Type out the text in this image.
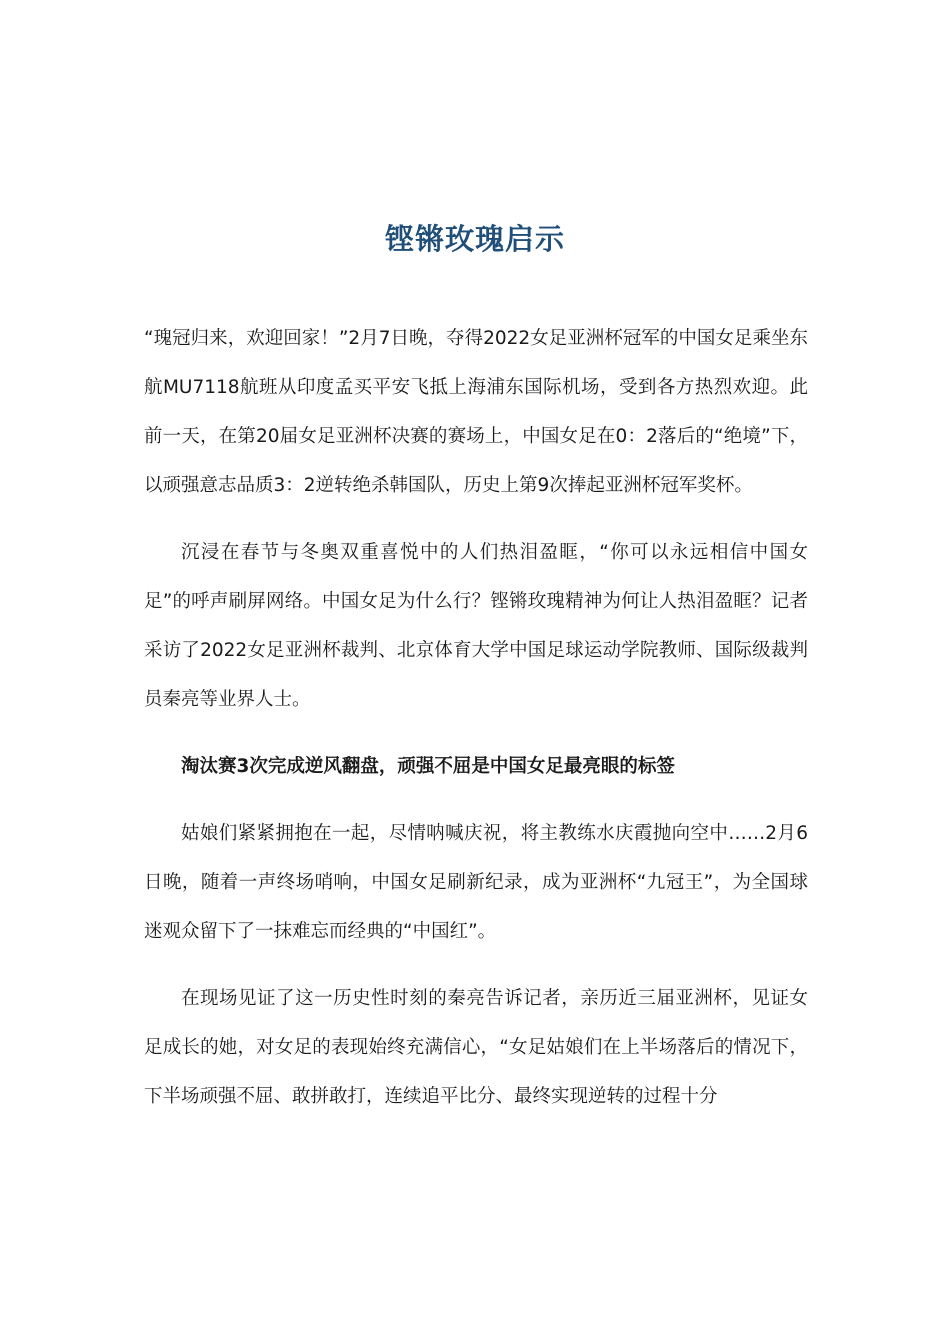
铿锵玫瑰启示

“瑰冠归来，欢迎回家！”2月7日晚，夺得2022女足亚洲杯冠军的中国女足乘坐东航MU7118航班从印度孟买平安飞抵上海浦东国际机场，受到各方热烈欢迎。此前一天，在第20届女足亚洲杯决赛的赛场上，中国女足在0：2落后的“绝境”下，以顽强意志品质3：2逆转绝杀韩国队，历史上第9次捧起亚洲杯冠军奖杯。

沉浸在春节与冬奥双重喜悦中的人们热泪盈眶，“你可以永远相信中国女足”的呼声刷屏网络。中国女足为什么行？铿锵玫瑰精神为何让人热泪盈眶？记者采访了2022女足亚洲杯裁判、北京体育大学中国足球运动学院教师、国际级裁判员秦亮等业界人士。

淘汰赛3次完成逆风翻盘，顽强不屈是中国女足最亮眼的标签

姑娘们紧紧拥抱在一起，尽情呐喊庆祝，将主教练水庆霞抛向空中……2月6日晚，随着一声终场哨响，中国女足刷新纪录，成为亚洲杯“九冠王”，为全国球迷观众留下了一抹难忘而经典的“中国红”。

在现场见证了这一历史性时刻的秦亮告诉记者，亲历近三届亚洲杯，见证女足成长的她，对女足的表现始终充满信心，“女足姑娘们在上半场落后的情况下，下半场顽强不屈、敢拼敢打，连续追平比分、最终实现逆转的过程十分
